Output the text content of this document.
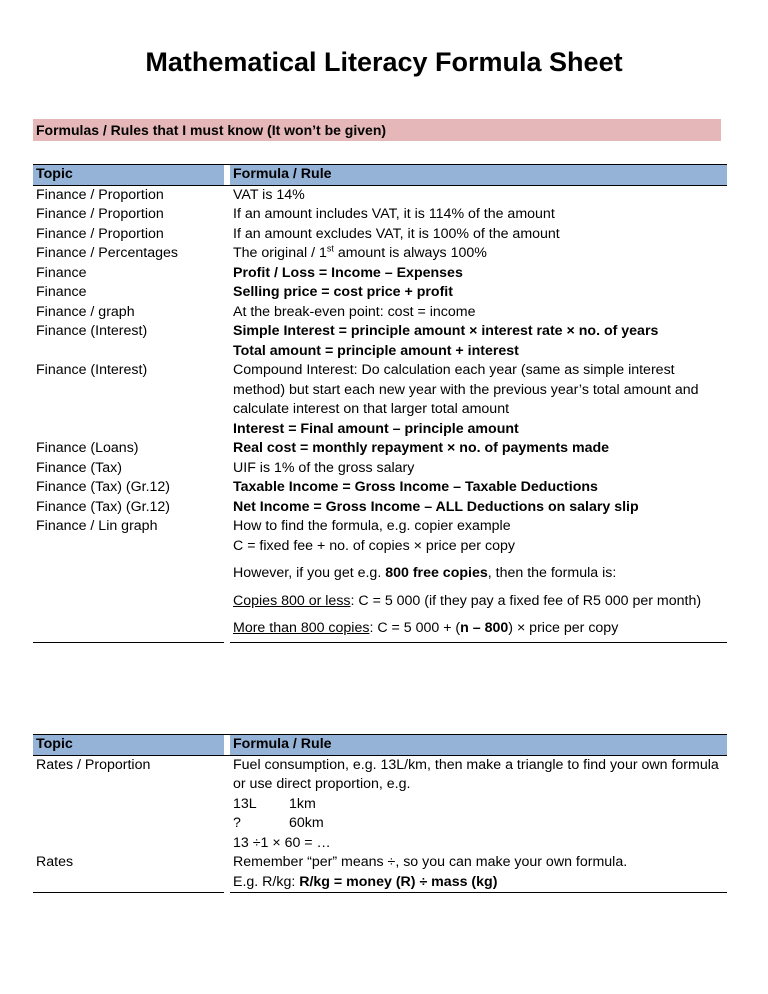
Mathematical Literacy Formula Sheet
Formulas / Rules that I must know (It won’t be given)
Topic		Formula / Rule
Finance / Proportion		VAT is 14%
Finance / Proportion		If an amount includes VAT, it is 114% of the amount
Finance / Proportion		If an amount excludes VAT, it is 100% of the amount
Finance / Percentages		The original / 1st amount is always 100%
Finance		Profit / Loss = Income – Expenses
Finance		Selling price = cost price + profit
Finance / graph		At the break-even point: cost = income
Finance (Interest)		Simple Interest = principle amount × interest rate × no. of years
Total amount = principle amount + interest

Finance (Interest)		Compound Interest: Do calculation each year (same as simple interest method) but start each new year with the previous year’s total amount and calculate interest on that larger total amount
Interest = Final amount – principle amount

Finance (Loans)		Real cost = monthly repayment × no. of payments made
Finance (Tax)		UIF is 1% of the gross salary
Finance (Tax) (Gr.12)		Taxable Income = Gross Income – Taxable Deductions
Finance (Tax) (Gr.12)		Net Income = Gross Income – ALL Deductions on salary slip
Finance / Lin graph		How to find the formula, e.g. copier example
C = fixed fee + no. of copies × price per copy
However, if you get e.g. 800 free copies, then the formula is:
Copies 800 or less: C = 5 000 (if they pay a fixed fee of R5 000 per month)
More than 800 copies: C = 5 000 + (n – 800) × price per copy
Topic		Formula / Rule
Rates / Proportion		Fuel consumption, e.g. 13L/km, then make a triangle to find your own formula or use direct proportion, e.g.
13L 1km
? 60km
13 ÷1 × 60 = …

Rates		Remember “per” means ÷, so you can make your own formula.
E.g. R/kg: R/kg = money (R) ÷ mass (kg)
